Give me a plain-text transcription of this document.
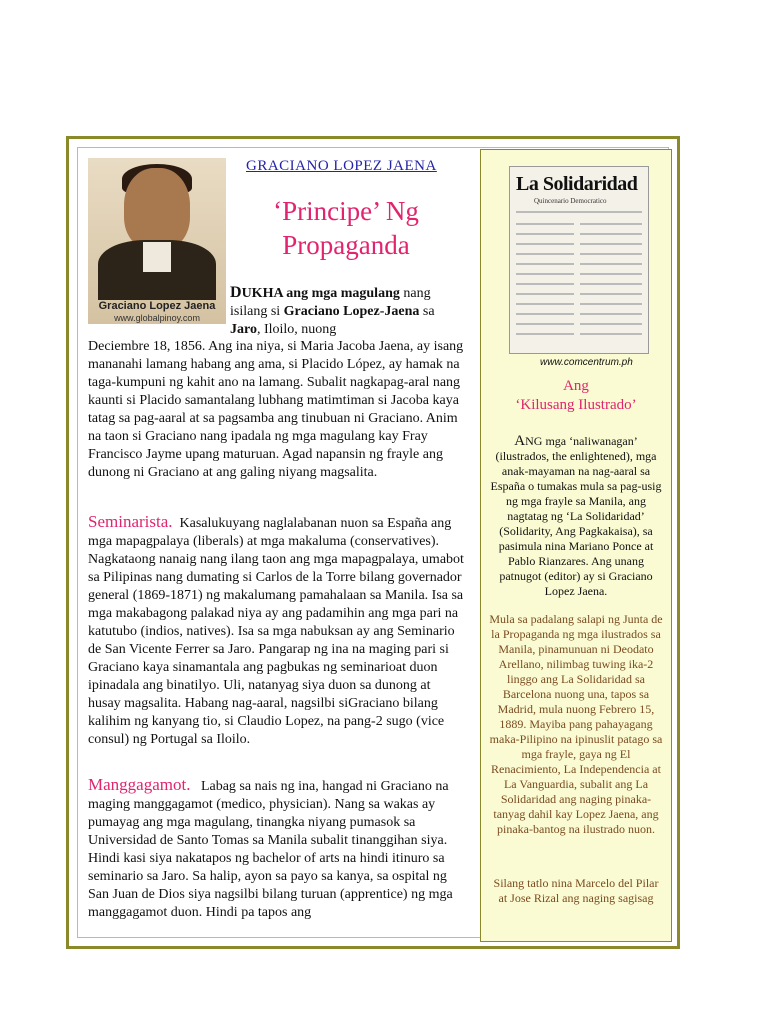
Graciano Lopez Jaena
www.globalpinoy.com
GRACIANO LOPEZ JAENA
‘Principe’ Ng
Propaganda
DUKHA ang mga magulang nang isilang si Graciano Lopez-Jaena sa Jaro, Iloilo, nuong
Deciembre 18, 1856. Ang ina niya, si Maria Jacoba Jaena, ay isang mananahi lamang habang ang ama, si Placido López, ay hamak na taga-kumpuni ng kahit ano na lamang. Subalit nagkapag-aral nang kaunti si Placido samantalang lubhang matimtiman si Jacoba kaya tatag sa pag-aaral at sa pagsamba ang tinubuan ni Graciano. Anim na taon si Graciano nang ipadala ng mga magulang kay Fray Francisco Jayme upang maturuan. Agad napansin ng frayle ang dunong ni Graciano at ang galing niyang magsalita.
Seminarista. Kasalukuyang naglalabanan nuon sa España ang mga mapagpalaya (liberals) at mga makaluma (conservatives). Nagkataong nanaig nang ilang taon ang mga mapagpalaya, umabot sa Pilipinas nang dumating si Carlos de la Torre bilang governador general (1869-1871) ng makalumang pamahalaan sa Manila. Isa sa mga makabagong palakad niya ay ang padamihin ang mga pari na katutubo (indios, natives). Isa sa mga nabuksan ay ang Seminario de San Vicente Ferrer sa Jaro. Pangarap ng ina na maging pari si Graciano kaya sinamantala ang pagbukas ng seminarioat duon ipinadala ang binatilyo. Uli, natanyag siya duon sa dunong at husay magsalita. Habang nag-aaral, nagsilbi siGraciano bilang kalihim ng kanyang tio, si Claudio Lopez, na pang-2 sugo (vice consul) ng Portugal sa Iloilo.
Manggagamot. Labag sa nais ng ina, hangad ni Graciano na maging manggagamot (medico, physician). Nang sa wakas ay pumayag ang mga magulang, tinangka niyang pumasok sa Universidad de Santo Tomas sa Manila subalit tinanggihan siya. Hindi kasi siya nakatapos ng bachelor of arts na hindi itinuro sa seminario sa Jaro. Sa halip, ayon sa payo sa kanya, sa ospital ng San Juan de Dios siya nagsilbi bilang turuan (apprentice) ng mga manggagamot duon. Hindi pa tapos ang
La Solidaridad
Quincenario Democratico
www.comcentrum.ph
Ang
‘Kilusang Ilustrado’
ANG mga ‘naliwanagan’ (ilustrados, the enlightened), mga anak-mayaman na nag-aaral sa España o tumakas mula sa pag-usig ng mga frayle sa Manila, ang nagtatag ng ‘La Solidaridad’ (Solidarity, Ang Pagkakaisa), sa pasimula nina Mariano Ponce at Pablo Rianzares. Ang unang patnugot (editor) ay si Graciano Lopez Jaena.
Mula sa padalang salapi ng Junta de la Propaganda ng mga ilustrados sa Manila, pinamunuan ni Deodato Arellano, nilimbag tuwing ika-2 linggo ang La Solidaridad sa Barcelona nuong una, tapos sa Madrid, mula nuong Febrero 15, 1889. Mayiba pang pahayagang maka-Pilipino na ipinuslit patago sa mga frayle, gaya ng El Renacimiento, La Independencia at La Vanguardia, subalit ang La Solidaridad ang naging pinaka-tanyag dahil kay Lopez Jaena, ang pinaka-bantog na ilustrado nuon.
Silang tatlo nina Marcelo del Pilar at Jose Rizal ang naging sagisag
